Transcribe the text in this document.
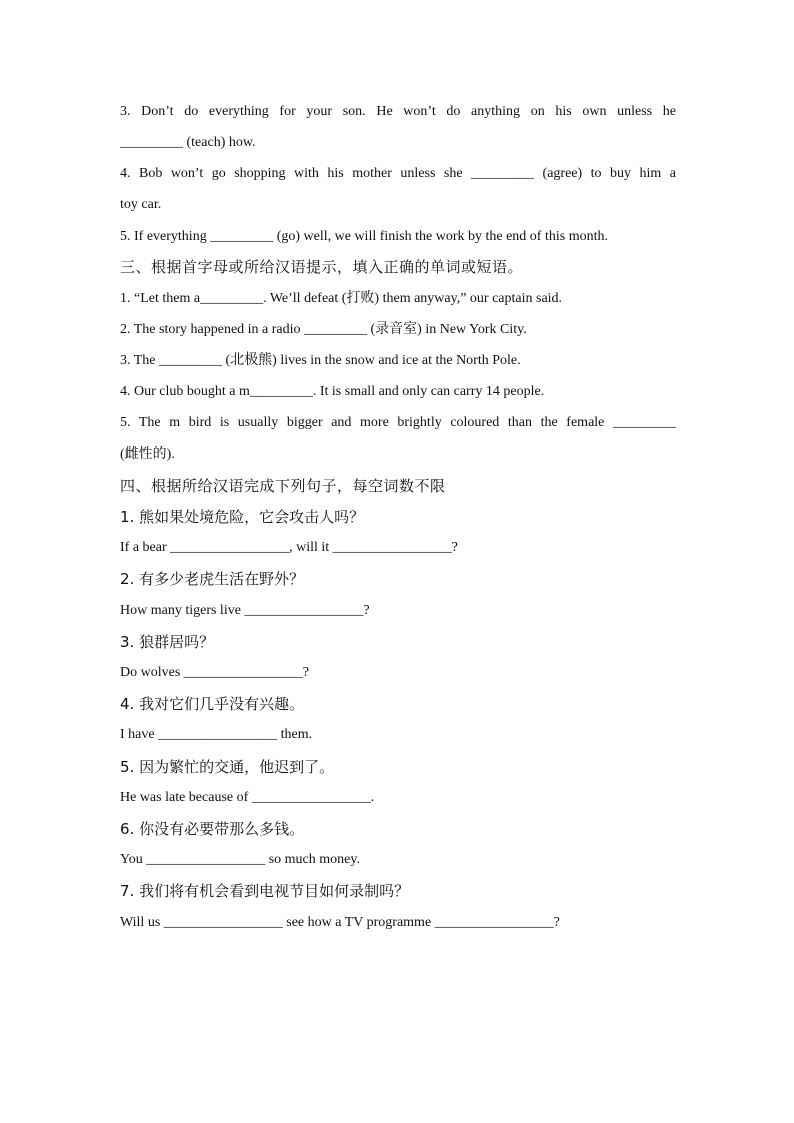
3. Don’t do everything for your son. He won’t do anything on his own unless he
_________ (teach) how.
4. Bob won’t go shopping with his mother unless she _________ (agree) to buy him a
toy car.
5. If everything _________ (go) well, we will finish the work by the end of this month.
三、根据首字母或所给汉语提示，填入正确的单词或短语。
1. “Let them a_________. We’ll defeat (打败) them anyway,” our captain said.
2. The story happened in a radio _________ (录音室) in New York City.
3. The _________ (北极熊) lives in the snow and ice at the North Pole.
4. Our club bought a m_________. It is small and only can carry 14 people.
5. The m bird is usually bigger and more brightly coloured than the female _________
(雌性的).
四、根据所给汉语完成下列句子，每空词数不限
1. 熊如果处境危险，它会攻击人吗？
If a bear _________________, will it _________________?
2. 有多少老虎生活在野外？
How many tigers live _________________?
3. 狼群居吗？
Do wolves _________________?
4. 我对它们几乎没有兴趣。
I have _________________ them.
5. 因为繁忙的交通，他迟到了。
He was late because of _________________.
6. 你没有必要带那么多钱。
You _________________ so much money.
7. 我们将有机会看到电视节目如何录制吗？
Will us _________________ see how a TV programme _________________?
